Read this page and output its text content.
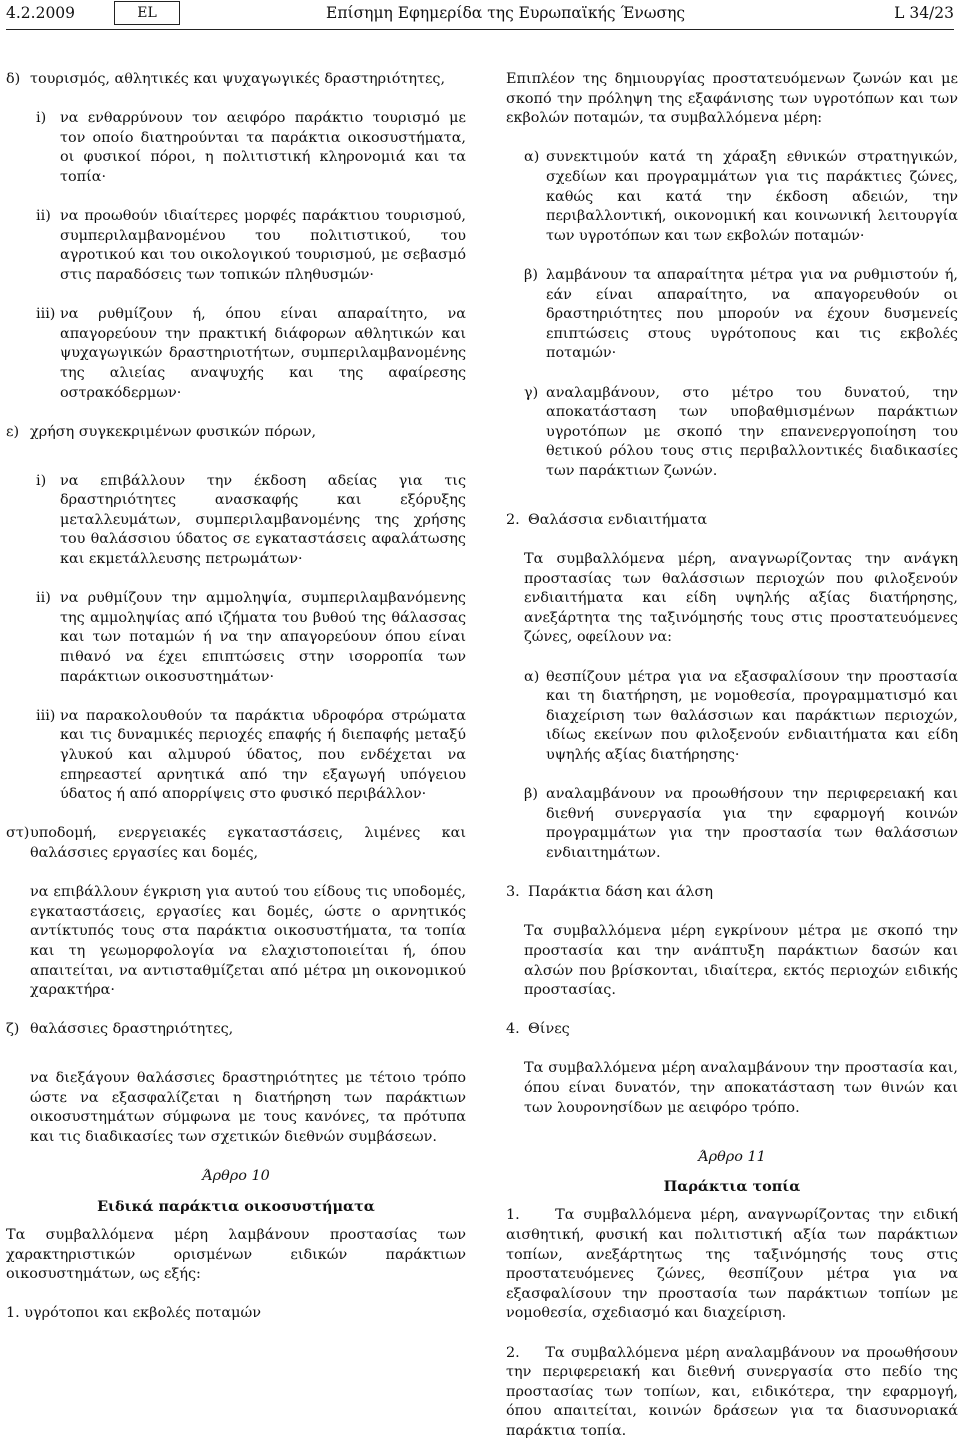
4.2.2009	EL	Επίσημη Εφημερίδα της Ευρωπαϊκής Ένωσης	L 34/23
δ) τουρισμός, αθλητικές και ψυχαγωγικές δραστηριότητες,
i) να ενθαρρύνουν τον αειφόρο παράκτιο τουρισμό με τον οποίο διατηρούνται τα παράκτια οικοσυστήματα, οι φυσικοί πόροι, η πολιτιστική κληρονομιά και τα τοπία·
ii) να προωθούν ιδιαίτερες μορφές παράκτιου τουρισμού, συμπεριλαμβανομένου του πολιτιστικού, του αγροτικού και του οικολογικού τουρισμού, με σεβασμό στις παραδόσεις των τοπικών πληθυσμών·
iii) να ρυθμίζουν ή, όπου είναι απαραίτητο, να απαγορεύουν την πρακτική διάφορων αθλητικών και ψυχαγωγικών δραστηριοτήτων, συμπεριλαμβανομένης της αλιείας αναψυχής και της αφαίρεσης οστρακόδερμων·
ε) χρήση συγκεκριμένων φυσικών πόρων,
i) να επιβάλλουν την έκδοση αδείας για τις δραστηριότητες ανασκαφής και εξόρυξης μεταλλευμάτων, συμπεριλαμβανομένης της χρήσης του θαλάσσιου ύδατος σε εγκαταστάσεις αφαλάτωσης και εκμετάλλευσης πετρωμάτων·
ii) να ρυθμίζουν την αμμοληψία, συμπεριλαμβανόμενης της αμμοληψίας από ιζήματα του βυθού της θάλασσας και των ποταμών ή να την απαγορεύουν όπου είναι πιθανό να έχει επιπτώσεις στην ισορροπία των παράκτιων οικοσυστημάτων·
iii) να παρακολουθούν τα παράκτια υδροφόρα στρώματα και τις δυναμικές περιοχές επαφής ή διεπαφής μεταξύ γλυκού και αλμυρού ύδατος, που ενδέχεται να επηρεαστεί αρνητικά από την εξαγωγή υπόγειου ύδατος ή από απορρίψεις στο φυσικό περιβάλλον·
στ) υποδομή, ενεργειακές εγκαταστάσεις, λιμένες και θαλάσσιες εργασίες και δομές,

να επιβάλλουν έγκριση για αυτού του είδους τις υποδομές, εγκαταστάσεις, εργασίες και δομές, ώστε ο αρνητικός αντίκτυπός τους στα παράκτια οικοσυστήματα, τα τοπία και τη γεωμορφολογία να ελαχιστοποιείται ή, όπου απαιτείται, να αντισταθμίζεται από μέτρα μη οικονομικού χαρακτήρα·

ζ) θαλάσσιες δραστηριότητες,

να διεξάγουν θαλάσσιες δραστηριότητες με τέτοιο τρόπο ώστε να εξασφαλίζεται η διατήρηση των παράκτιων οικοσυστημάτων σύμφωνα με τους κανόνες, τα πρότυπα και τις διαδικασίες των σχετικών διεθνών συμβάσεων.

Άρθρο 10
Ειδικά παράκτια οικοσυστήματα

Τα συμβαλλόμενα μέρη λαμβάνουν προστασίας των χαρακτηριστικών ορισμένων ειδικών παράκτιων οικοσυστημάτων, ως εξής:

1. υγρότοποι και εκβολές ποταμών

Επιπλέον της δημιουργίας προστατευόμενων ζωνών και με σκοπό την πρόληψη της εξαφάνισης των υγροτόπων και των εκβολών ποταμών, τα συμβαλλόμενα μέρη:

α) συνεκτιμούν κατά τη χάραξη εθνικών στρατηγικών, σχεδίων και προγραμμάτων για τις παράκτιες ζώνες, καθώς και κατά την έκδοση αδειών, την περιβαλλοντική, οικονομική και κοινωνική λειτουργία των υγροτόπων και των εκβολών ποταμών·
β) λαμβάνουν τα απαραίτητα μέτρα για να ρυθμιστούν ή, εάν είναι απαραίτητο, να απαγορευθούν οι δραστηριότητες που μπορούν να έχουν δυσμενείς επιπτώσεις στους υγρότοπους και τις εκβολές ποταμών·
γ) αναλαμβάνουν, στο μέτρο του δυνατού, την αποκατάσταση των υποβαθμισμένων παράκτιων υγροτόπων με σκοπό την επανενεργοποίηση του θετικού ρόλου τους στις περιβαλλοντικές διαδικασίες των παράκτιων ζωνών.
2. Θαλάσσια ενδιαιτήματα

Τα συμβαλλόμενα μέρη, αναγνωρίζοντας την ανάγκη προστασίας των θαλάσσιων περιοχών που φιλοξενούν ενδιαιτήματα και είδη υψηλής αξίας διατήρησης, ανεξάρτητα της ταξινόμησής τους στις προστατευόμενες ζώνες, οφείλουν να:

α) θεσπίζουν μέτρα για να εξασφαλίσουν την προστασία και τη διατήρηση, με νομοθεσία, προγραμματισμό και διαχείριση των θαλάσσιων και παράκτιων περιοχών, ιδίως εκείνων που φιλοξενούν ενδιαιτήματα και είδη υψηλής αξίας διατήρησης·
β) αναλαμβάνουν να προωθήσουν την περιφερειακή και διεθνή συνεργασία για την εφαρμογή κοινών προγραμμάτων για την προστασία των θαλάσσιων ενδιαιτημάτων.
3. Παράκτια δάση και άλση

Τα συμβαλλόμενα μέρη εγκρίνουν μέτρα με σκοπό την προστασία και την ανάπτυξη παράκτιων δασών και αλσών που βρίσκονται, ιδιαίτερα, εκτός περιοχών ειδικής προστασίας.

4. Θίνες

Τα συμβαλλόμενα μέρη αναλαμβάνουν την προστασία και, όπου είναι δυνατόν, την αποκατάσταση των θινών και των λουρονησίδων με αειφόρο τρόπο.

Άρθρο 11
Παράκτια τοπία

1. Τα συμβαλλόμενα μέρη, αναγνωρίζοντας την ειδική αισθητική, φυσική και πολιτιστική αξία των παράκτιων τοπίων, ανεξάρτητως της ταξινόμησής τους στις προστατευόμενες ζώνες, θεσπίζουν μέτρα για να εξασφαλίσουν την προστασία των παράκτιων τοπίων με νομοθεσία, σχεδιασμό και διαχείριση.

2. Τα συμβαλλόμενα μέρη αναλαμβάνουν να προωθήσουν την περιφερειακή και διεθνή συνεργασία στο πεδίο της προστασίας των τοπίων, και, ειδικότερα, την εφαρμογή, όπου απαιτείται, κοινών δράσεων για τα διασυνοριακά παράκτια τοπία.
